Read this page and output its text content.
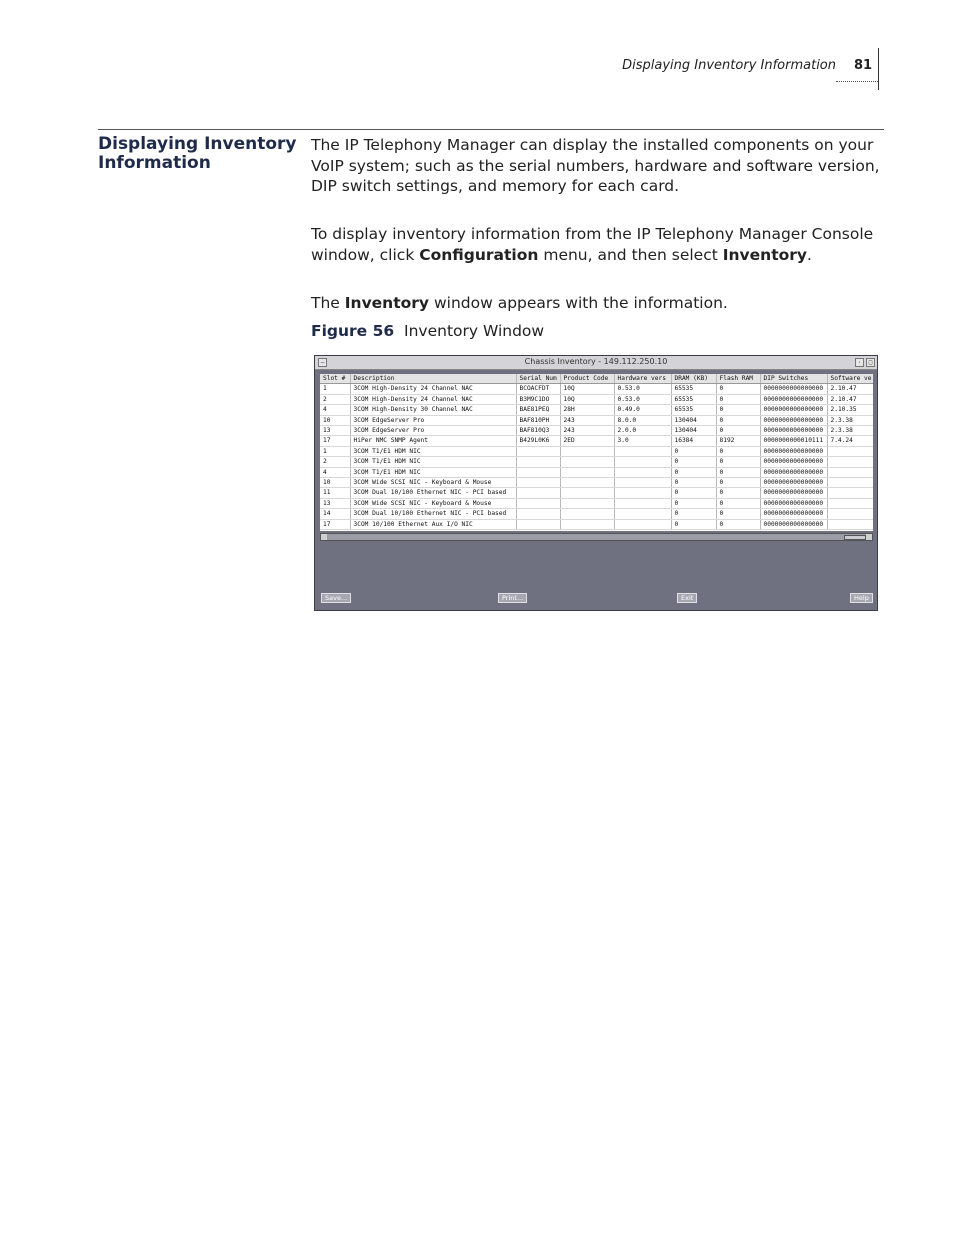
Displaying Inventory Information 81
Displaying Inventory Information

The IP Telephony Manager can display the installed components on your VoIP system; such as the serial numbers, hardware and software version, DIP switch settings, and memory for each card.

To display inventory information from the IP Telephony Manager Console window, click Configuration menu, and then select Inventory.

The Inventory window appears with the information.

Figure 56 Inventory Window
–	Chassis Inventory - 149.112.250.10	·	□
Slot #	Description	Serial Num	Product Code	Hardware vers	DRAM (KB)	Flash RAM	DIP Switches	Software ve
1	3COM High-Density 24 Channel NAC	BCOACFDT	10Q	0.53.0	65535	0	0000000000000000	2.10.47
2	3COM High-Density 24 Channel NAC	B3M9C1DO	10Q	0.53.0	65535	0	0000000000000000	2.10.47
4	3COM High-Density 30 Channel NAC	BAE81PEQ	28H	0.49.0	65535	0	0000000000000000	2.10.35
10	3COM EdgeServer Pro	BAF810PH	243	8.0.0	130404	0	0000000000000000	2.3.38
13	3COM EdgeServer Pro	BAF810Q3	243	2.0.0	130404	0	0000000000000000	2.3.38
17	HiPer NMC SNMP Agent	B429L0K6	2ED	3.0	16384	8192	0000000000010111	7.4.24
1	3COM T1/E1 HDM NIC				0	0	0000000000000000	
2	3COM T1/E1 HDM NIC				0	0	0000000000000000	
4	3COM T1/E1 HDM NIC				0	0	0000000000000000	
10	3COM Wide SCSI NIC - Keyboard & Mouse				0	0	0000000000000000	
11	3COM Dual 10/100 Ethernet NIC - PCI based				0	0	0000000000000000	
13	3COM Wide SCSI NIC - Keyboard & Mouse				0	0	0000000000000000	
14	3COM Dual 10/100 Ethernet NIC - PCI based				0	0	0000000000000000	
17	3COM 10/100 Ethernet Aux I/O NIC				0	0	0000000000000000	
Save...	Print...	Exit	Help
